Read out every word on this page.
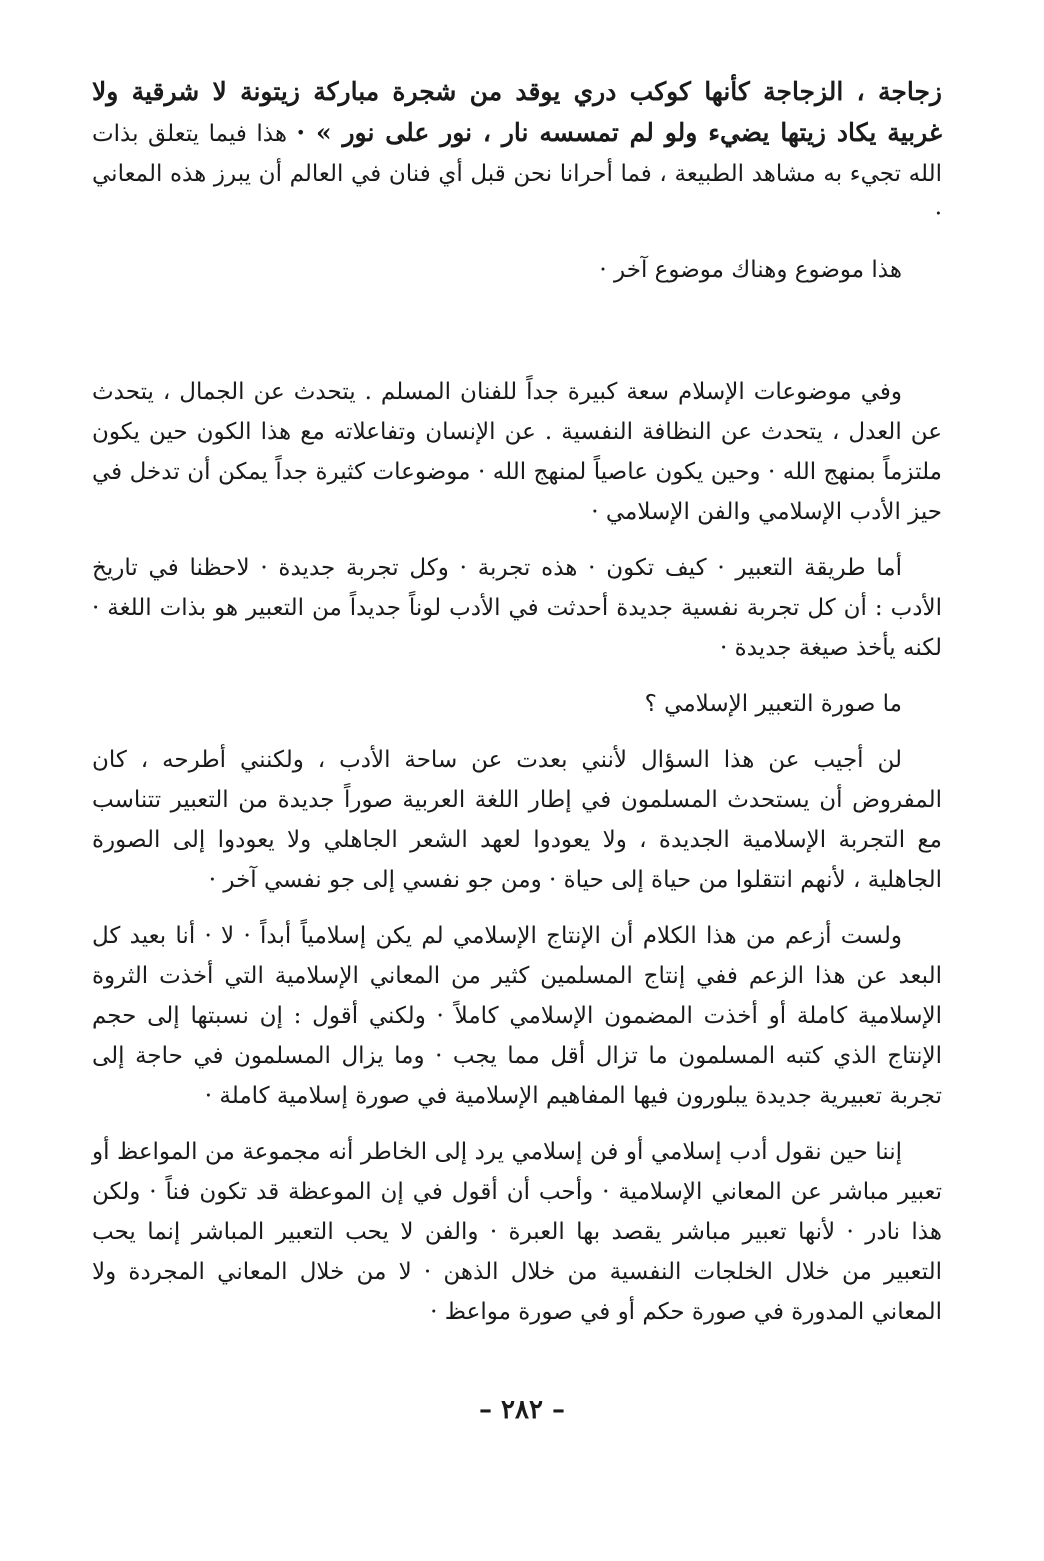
زجاجة ، الزجاجة كأنها كوكب دري يوقد من شجرة مباركة زيتونة لا شرقية ولا غربية يكاد زيتها يضيء ولو لم تمسسه نار ، نور على نور » · هذا فيما يتعلق بذات الله تجيء به مشاهد الطبيعة ، فما أحرانا نحن قبل أي فنان في العالم أن يبرز هذه المعاني ·

هذا موضوع وهناك موضوع آخر ·

وفي موضوعات الإسلام سعة كبيرة جداً للفنان المسلم . يتحدث عن الجمال ، يتحدث عن العدل ، يتحدث عن النظافة النفسية . عن الإنسان وتفاعلاته مع هذا الكون حين يكون ملتزماً بمنهج الله · وحين يكون عاصياً لمنهج الله · موضوعات كثيرة جداً يمكن أن تدخل في حيز الأدب الإسلامي والفن الإسلامي ·

أما طريقة التعبير · كيف تكون · هذه تجربة · وكل تجربة جديدة · لاحظنا في تاريخ الأدب : أن كل تجربة نفسية جديدة أحدثت في الأدب لوناً جديداً من التعبير هو بذات اللغة · لكنه يأخذ صيغة جديدة ·

ما صورة التعبير الإسلامي ؟

لن أجيب عن هذا السؤال لأنني بعدت عن ساحة الأدب ، ولكنني أطرحه ، كان المفروض أن يستحدث المسلمون في إطار اللغة العربية صوراً جديدة من التعبير تتناسب مع التجربة الإسلامية الجديدة ، ولا يعودوا لعهد الشعر الجاهلي ولا يعودوا إلى الصورة الجاهلية ، لأنهم انتقلوا من حياة إلى حياة · ومن جو نفسي إلى جو نفسي آخر ·

ولست أزعم من هذا الكلام أن الإنتاج الإسلامي لم يكن إسلامياً أبداً · لا · أنا بعيد كل البعد عن هذا الزعم ففي إنتاج المسلمين كثير من المعاني الإسلامية التي أخذت الثروة الإسلامية كاملة أو أخذت المضمون الإسلامي كاملاً · ولكني أقول : إن نسبتها إلى حجم الإنتاج الذي كتبه المسلمون ما تزال أقل مما يجب · وما يزال المسلمون في حاجة إلى تجربة تعبيرية جديدة يبلورون فيها المفاهيم الإسلامية في صورة إسلامية كاملة ·

إننا حين نقول أدب إسلامي أو فن إسلامي يرد إلى الخاطر أنه مجموعة من المواعظ أو تعبير مباشر عن المعاني الإسلامية · وأحب أن أقول في إن الموعظة قد تكون فناً · ولكن هذا نادر · لأنها تعبير مباشر يقصد بها العبرة · والفن لا يحب التعبير المباشر إنما يحب التعبير من خلال الخلجات النفسية من خلال الذهن · لا من خلال المعاني المجردة ولا المعاني المدورة في صورة حكم أو في صورة مواعظ ·

– ٢٨٢ –
